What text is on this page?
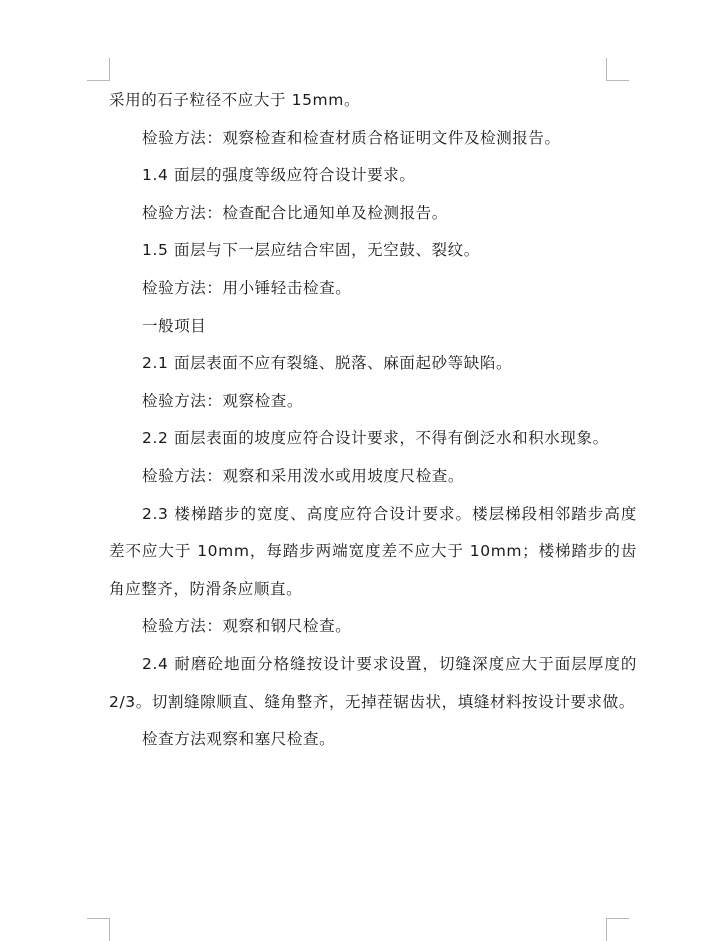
采用的石子粒径不应大于 15mm。

检验方法：观察检查和检查材质合格证明文件及检测报告。

1.4 面层的强度等级应符合设计要求。

检验方法：检查配合比通知单及检测报告。

1.5 面层与下一层应结合牢固，无空鼓、裂纹。

检验方法：用小锤轻击检查。

一般项目

2.1 面层表面不应有裂缝、脱落、麻面起砂等缺陷。

检验方法：观察检查。

2.2 面层表面的坡度应符合设计要求，不得有倒泛水和积水现象。

检验方法：观察和采用泼水或用坡度尺检查。

2.3 楼梯踏步的宽度、高度应符合设计要求。楼层梯段相邻踏步高度差不应大于 10mm，每踏步两端宽度差不应大于 10mm；楼梯踏步的齿角应整齐，防滑条应顺直。

检验方法：观察和钢尺检查。

2.4 耐磨砼地面分格缝按设计要求设置，切缝深度应大于面层厚度的 2/3。切割缝隙顺直、缝角整齐，无掉茬锯齿状，填缝材料按设计要求做。

检查方法观察和塞尺检查。
